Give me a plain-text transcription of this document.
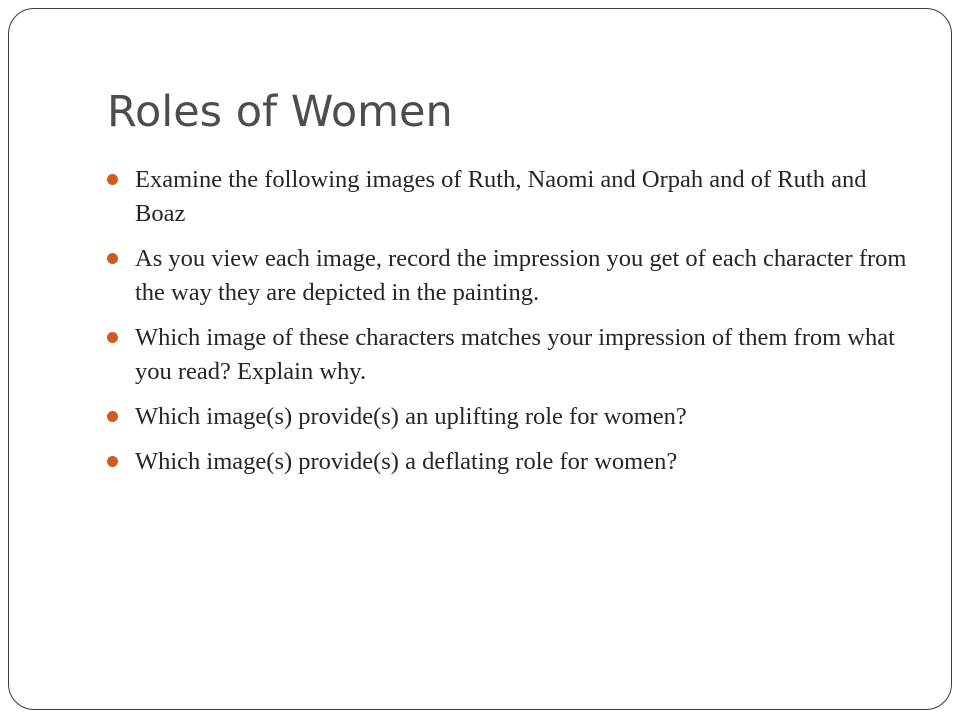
Roles of Women
Examine the following images of Ruth, Naomi and Orpah and of Ruth and Boaz
As you view each image, record the impression you get of each character from the way they are depicted in the painting.
Which image of these characters matches your impression of them from what you read? Explain why.
Which image(s) provide(s) an uplifting role for women?
Which image(s) provide(s) a deflating role for women?
